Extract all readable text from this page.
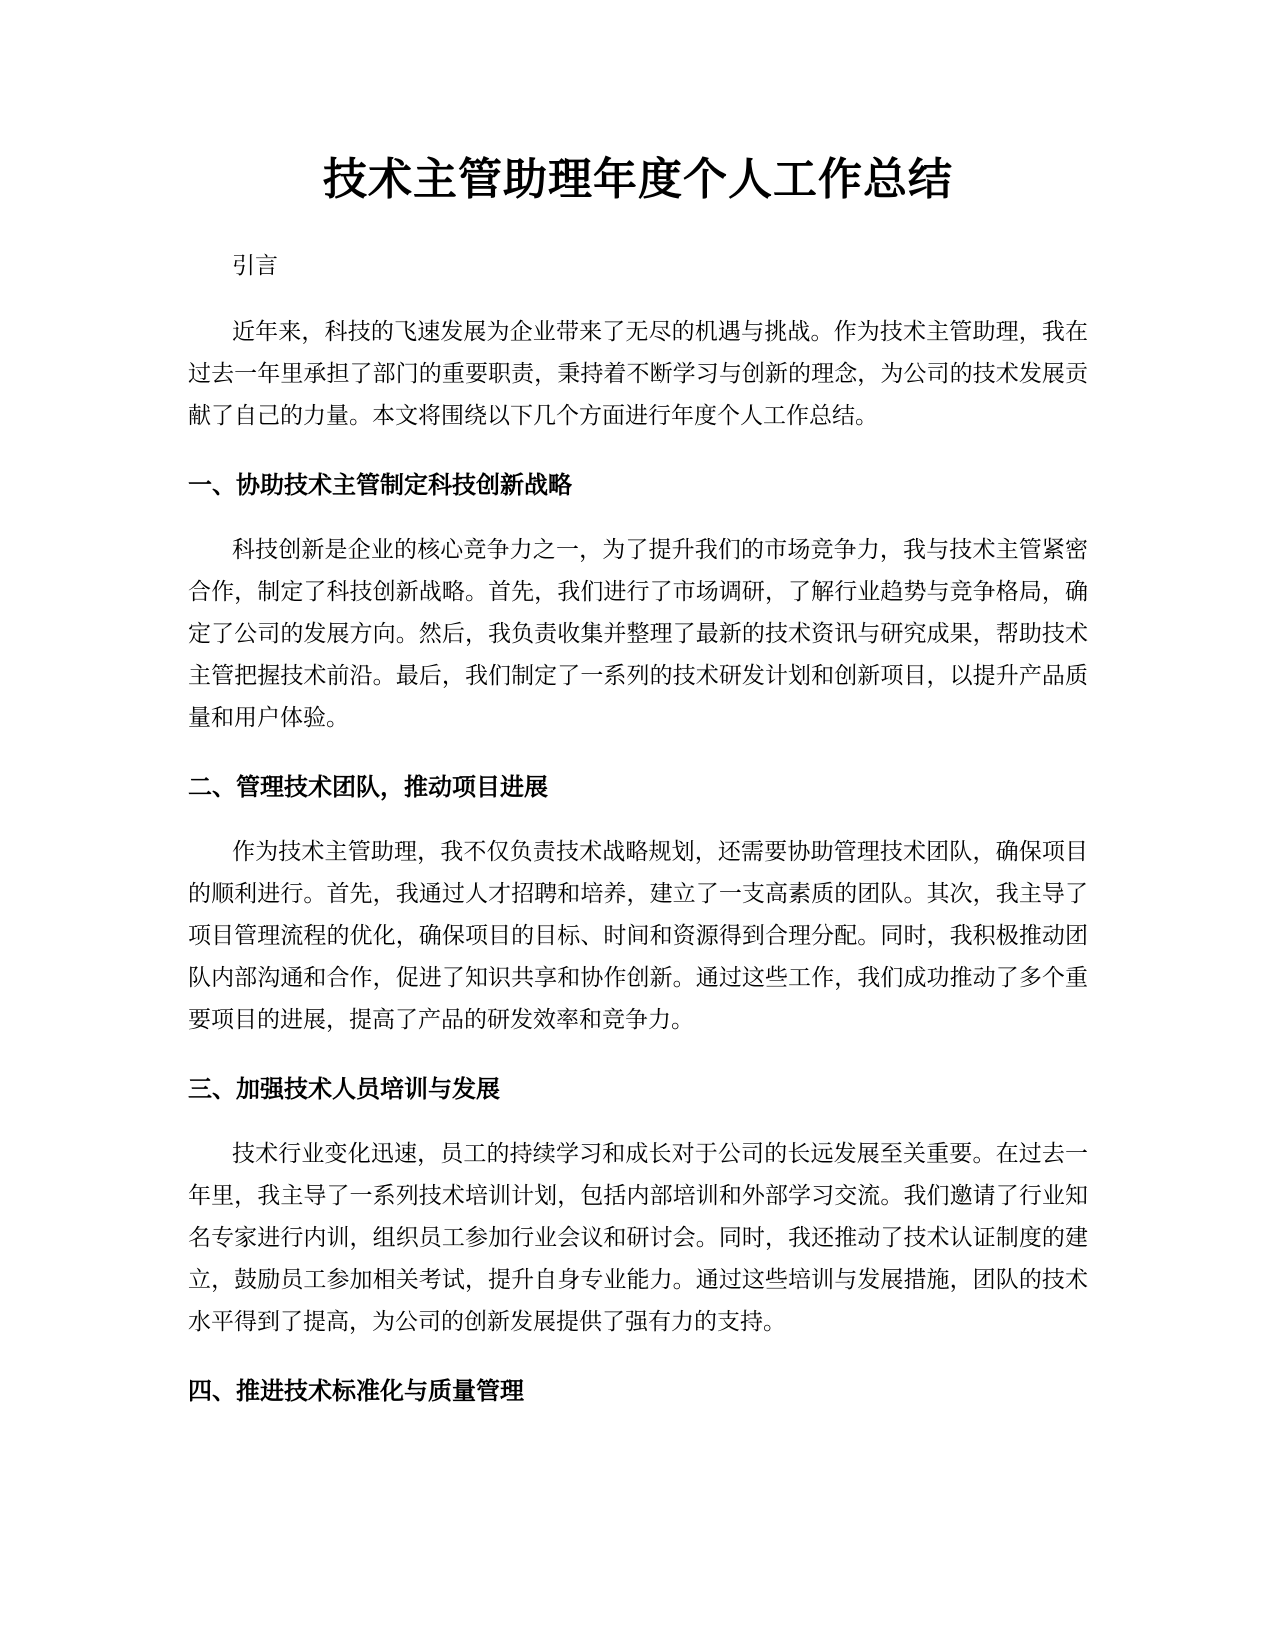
技术主管助理年度个人工作总结

引言

近年来，科技的飞速发展为企业带来了无尽的机遇与挑战。作为技术主管助理，我在过去一年里承担了部门的重要职责，秉持着不断学习与创新的理念，为公司的技术发展贡献了自己的力量。本文将围绕以下几个方面进行年度个人工作总结。

一、协助技术主管制定科技创新战略

科技创新是企业的核心竞争力之一，为了提升我们的市场竞争力，我与技术主管紧密合作，制定了科技创新战略。首先，我们进行了市场调研，了解行业趋势与竞争格局，确定了公司的发展方向。然后，我负责收集并整理了最新的技术资讯与研究成果，帮助技术主管把握技术前沿。最后，我们制定了一系列的技术研发计划和创新项目，以提升产品质量和用户体验。

二、管理技术团队，推动项目进展

作为技术主管助理，我不仅负责技术战略规划，还需要协助管理技术团队，确保项目的顺利进行。首先，我通过人才招聘和培养，建立了一支高素质的团队。其次，我主导了项目管理流程的优化，确保项目的目标、时间和资源得到合理分配。同时，我积极推动团队内部沟通和合作，促进了知识共享和协作创新。通过这些工作，我们成功推动了多个重要项目的进展，提高了产品的研发效率和竞争力。

三、加强技术人员培训与发展

技术行业变化迅速，员工的持续学习和成长对于公司的长远发展至关重要。在过去一年里，我主导了一系列技术培训计划，包括内部培训和外部学习交流。我们邀请了行业知名专家进行内训，组织员工参加行业会议和研讨会。同时，我还推动了技术认证制度的建立，鼓励员工参加相关考试，提升自身专业能力。通过这些培训与发展措施，团队的技术水平得到了提高，为公司的创新发展提供了强有力的支持。

四、推进技术标准化与质量管理
